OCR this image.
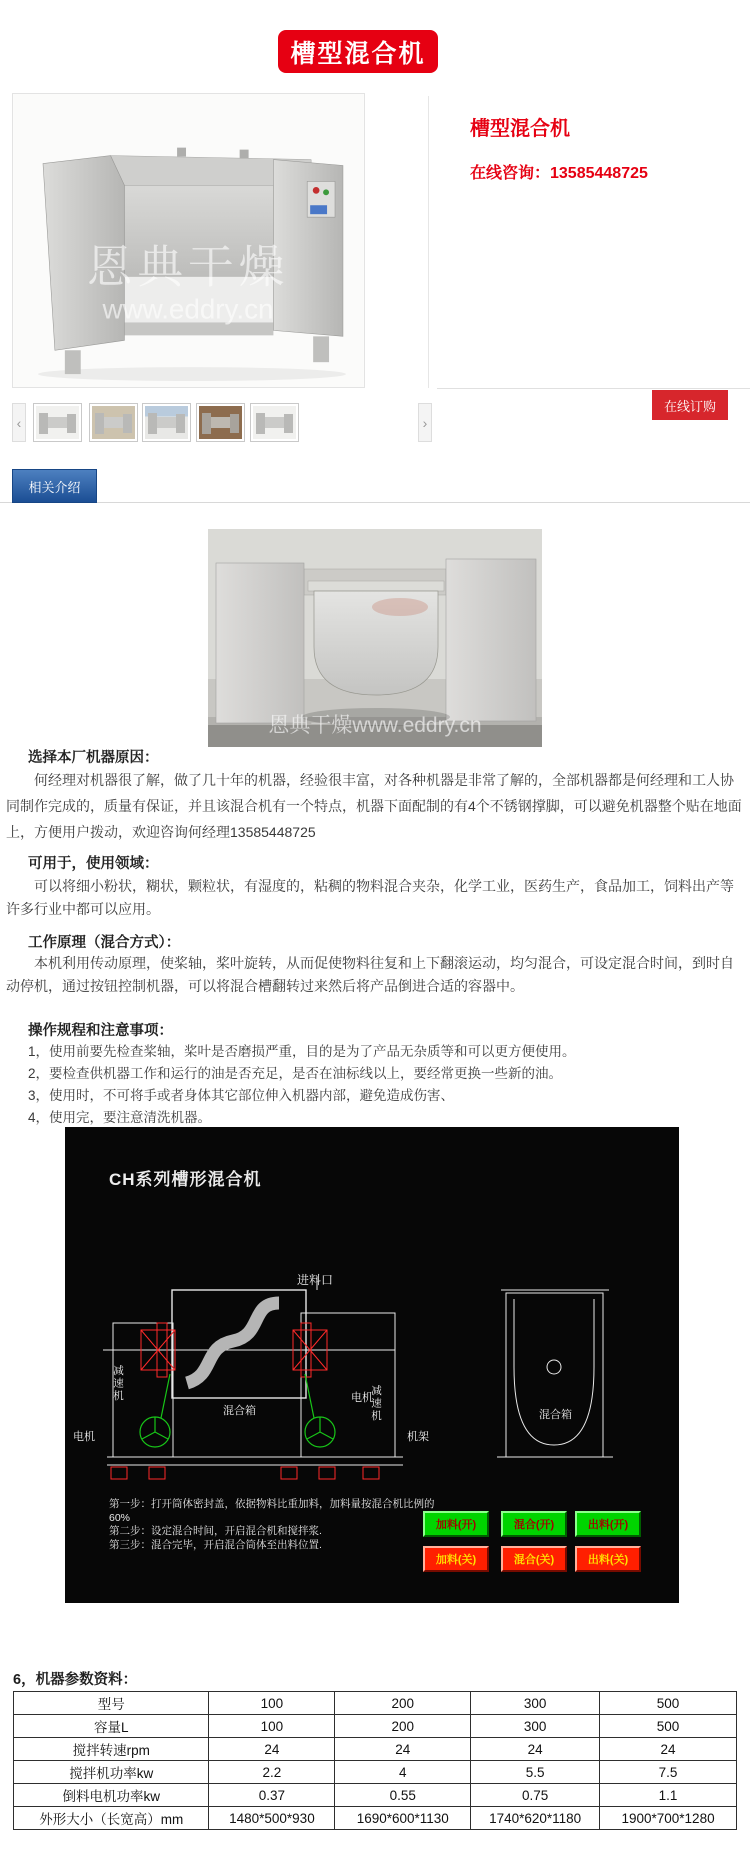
槽型混合机
恩典干燥
www.eddry.cn
槽型混合机
在线咨询：13585448725
在线订购
‹	›
相关介绍
恩典干燥www.eddry.cn
选择本厂机器原因：
何经理对机器很了解，做了几十年的机器，经验很丰富，对各种机器是非常了解的，全部机器都是何经理和工人协同制作完成的，质量有保证，并且该混合机有一个特点，机器下面配制的有4个不锈钢撑脚，可以避免机器整个贴在地面上，方便用户拨动，欢迎咨询何经理13585448725
可用于，使用领域：
可以将细小粉状，糊状，颗粒状，有湿度的，粘稠的物料混合夹杂，化学工业，医药生产，食品加工，饲料出产等许多行业中都可以应用。
工作原理（混合方式）：
本机利用传动原理，使桨轴，桨叶旋转，从而促使物料往复和上下翻滚运动，均匀混合，可设定混合时间，到时自动停机，通过按钮控制机器，可以将混合槽翻转过来然后将产品倒进合适的容器中。
操作规程和注意事项：
1，使用前要先检查桨轴，桨叶是否磨损严重，目的是为了产品无杂质等和可以更方便使用。
2，要检查供机器工作和运行的油是否充足，是否在油标线以上，要经常更换一些新的油。
3，使用时，不可将手或者身体其它部位伸入机器内部，避免造成伤害、
4，使用完，要注意清洗机器。
CH系列槽形混合机
进料口
减速机
减速机
电机
电机
机架
混合箱	混合箱
第一步：打开筒体密封盖，依据物料比重加料，加料量按混合机比例的60%
第二步：设定混合时间，开启混合机和搅拌浆.
第三步：混合完毕，开启混合筒体至出料位置.
加料(开)	混合(开)	出料(开)
加料(关)	混合(关)	出料(关)
6，机器参数资料：
型号	100	200	300	500
容量L	100	200	300	500
搅拌转速rpm	24	24	24	24
搅拌机功率kw	2.2	4	5.5	7.5
倒料电机功率kw	0.37	0.55	0.75	1.1
外形大小（长宽高）mm	1480*500*930	1690*600*1130	1740*620*1180	1900*700*1280
